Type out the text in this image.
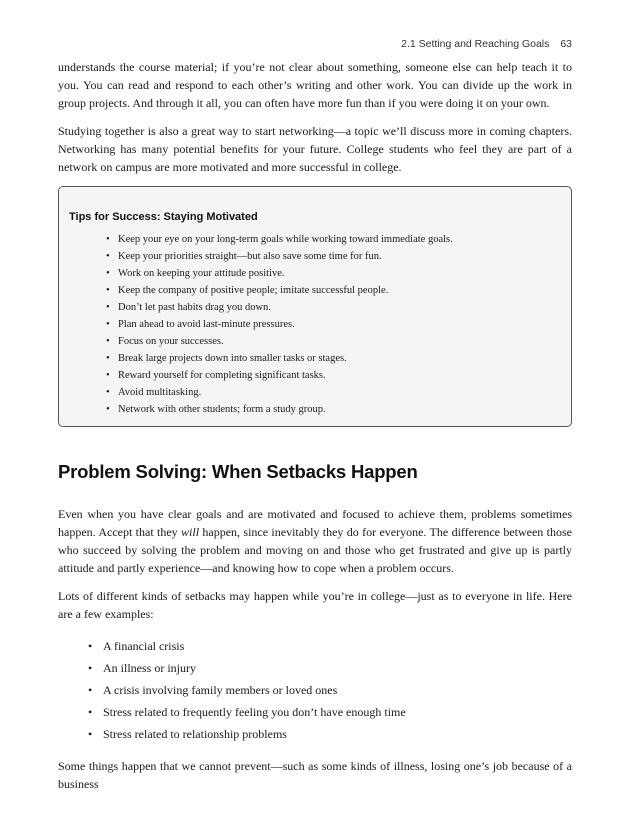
2.1 Setting and Reaching Goals 63

understands the course material; if you’re not clear about something, someone else can help teach it to you. You can read and respond to each other’s writing and other work. You can divide up the work in group projects. And through it all, you can often have more fun than if you were doing it on your own.

Studying together is also a great way to start networking—a topic we’ll discuss more in coming chapters. Networking has many potential benefits for your future. College students who feel they are part of a network on campus are more motivated and more successful in college.

Tips for Success: Staying Motivated
• Keep your eye on your long-term goals while working toward immediate goals.
• Keep your priorities straight—but also save some time for fun.
• Work on keeping your attitude positive.
• Keep the company of positive people; imitate successful people.
• Don’t let past habits drag you down.
• Plan ahead to avoid last-minute pressures.
• Focus on your successes.
• Break large projects down into smaller tasks or stages.
• Reward yourself for completing significant tasks.
• Avoid multitasking.
• Network with other students; form a study group.
Problem Solving: When Setbacks Happen

Even when you have clear goals and are motivated and focused to achieve them, problems sometimes happen. Accept that they will happen, since inevitably they do for everyone. The difference between those who succeed by solving the problem and moving on and those who get frustrated and give up is partly attitude and partly experience—and knowing how to cope when a problem occurs.

Lots of different kinds of setbacks may happen while you’re in college—just as to everyone in life. Here are a few examples:

• A financial crisis
• An illness or injury
• A crisis involving family members or loved ones
• Stress related to frequently feeling you don’t have enough time
• Stress related to relationship problems

Some things happen that we cannot prevent—such as some kinds of illness, losing one’s job because of a business
